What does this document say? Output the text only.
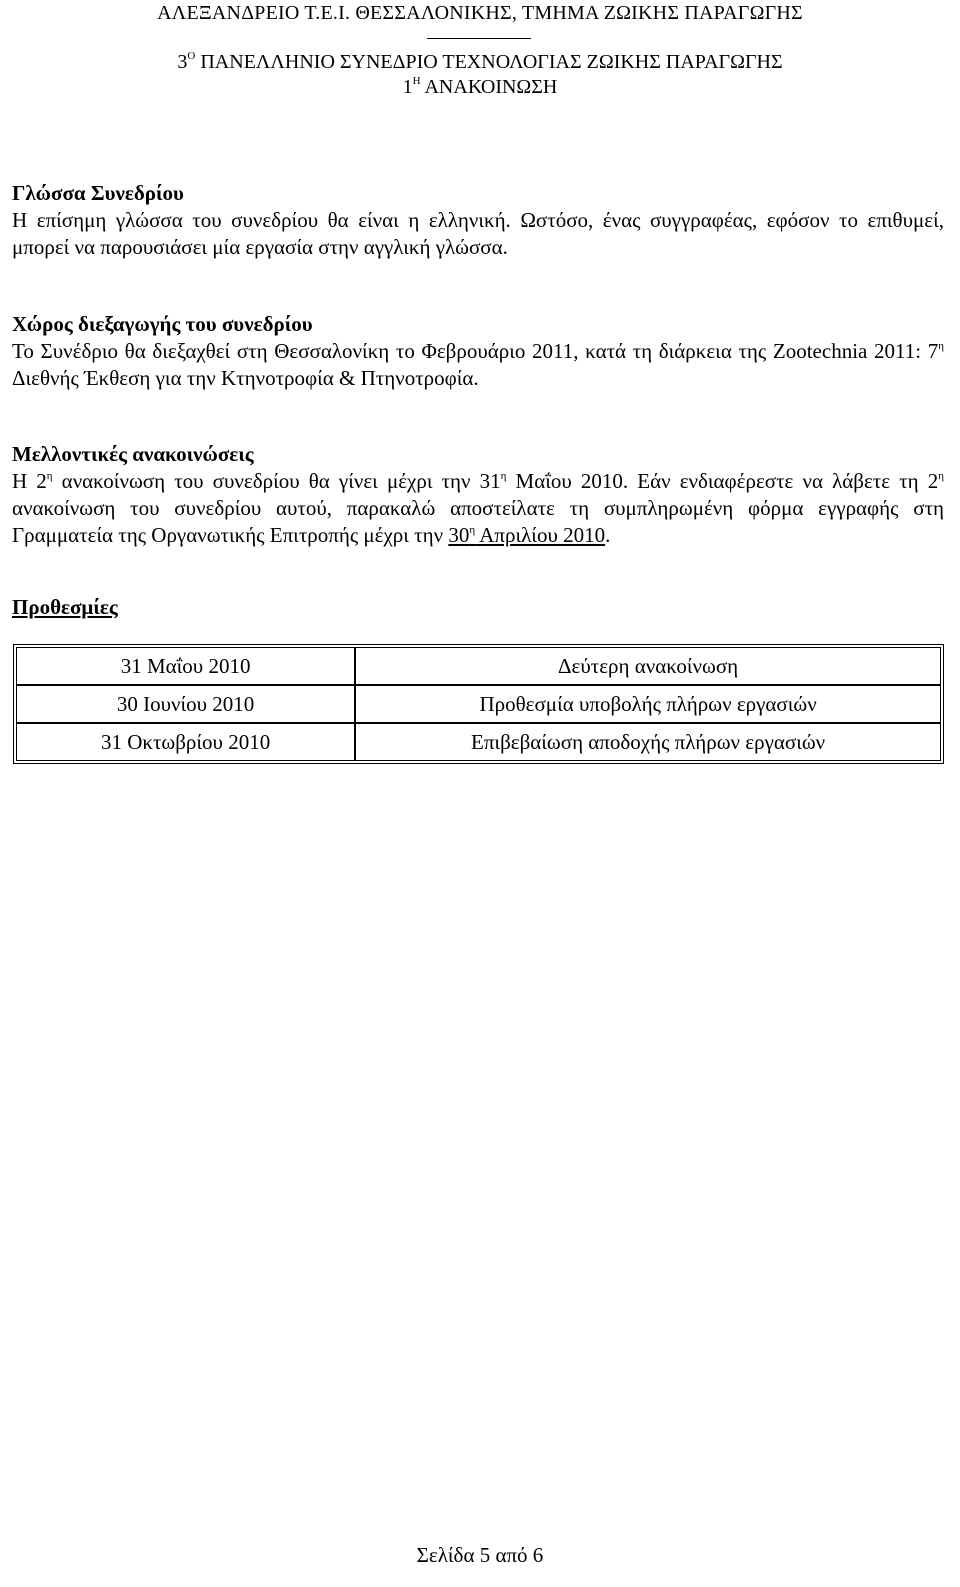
ΑΛΕΞΑΝΔΡΕΙΟ Τ.Ε.Ι. ΘΕΣΣΑΛΟΝΙΚΗΣ, ΤΜΗΜΑ ΖΩΙΚΗΣ ΠΑΡΑΓΩΓΗΣ
$3^O$ ΠΑΝΕΛΛΗΝΙΟ ΣΥΝΕΔΡΙΟ ΤΕΧΝΟΛΟΓΙΑΣ ΖΩΙΚΗΣ ΠΑΡΑΓΩΓΗΣ
$1^H$ ΑΝΑΚΟΙΝΩΣΗ
Γλώσσα Συνεδρίου
Η επίσημη γλώσσα του συνεδρίου θα είναι η ελληνική. Ωστόσο, ένας συγγραφέας, εφόσον το επιθυμεί, μπορεί να παρουσιάσει μία εργασία στην αγγλική γλώσσα.
Χώρος διεξαγωγής του συνεδρίου
Το Συνέδριο θα διεξαχθεί στη Θεσσαλονίκη το Φεβρουάριο 2011, κατά τη διάρκεια της Zootechnia 2011: $7^\eta$ Διεθνής Έκθεση για την Κτηνοτροφία & Πτηνοτροφία.
Μελλοντικές ανακοινώσεις
Η $2^\eta$ ανακοίνωση του συνεδρίου θα γίνει μέχρι την $31^\eta$ Μαΐου 2010. Εάν ενδιαφέρεστε να λάβετε τη $2^\eta$ ανακοίνωση του συνεδρίου αυτού, παρακαλώ αποστείλατε τη συμπληρωμένη φόρμα εγγραφής στη Γραμματεία της Οργανωτικής Επιτροπής μέχρι την $30^\eta$ Απριλίου 2010.
Προθεσμίες
31 Μαΐου 2010	Δεύτερη ανακοίνωση
30 Ιουνίου 2010	Προθεσμία υποβολής πλήρων εργασιών
31 Οκτωβρίου 2010	Επιβεβαίωση αποδοχής πλήρων εργασιών
Σελίδα 5 από 6
